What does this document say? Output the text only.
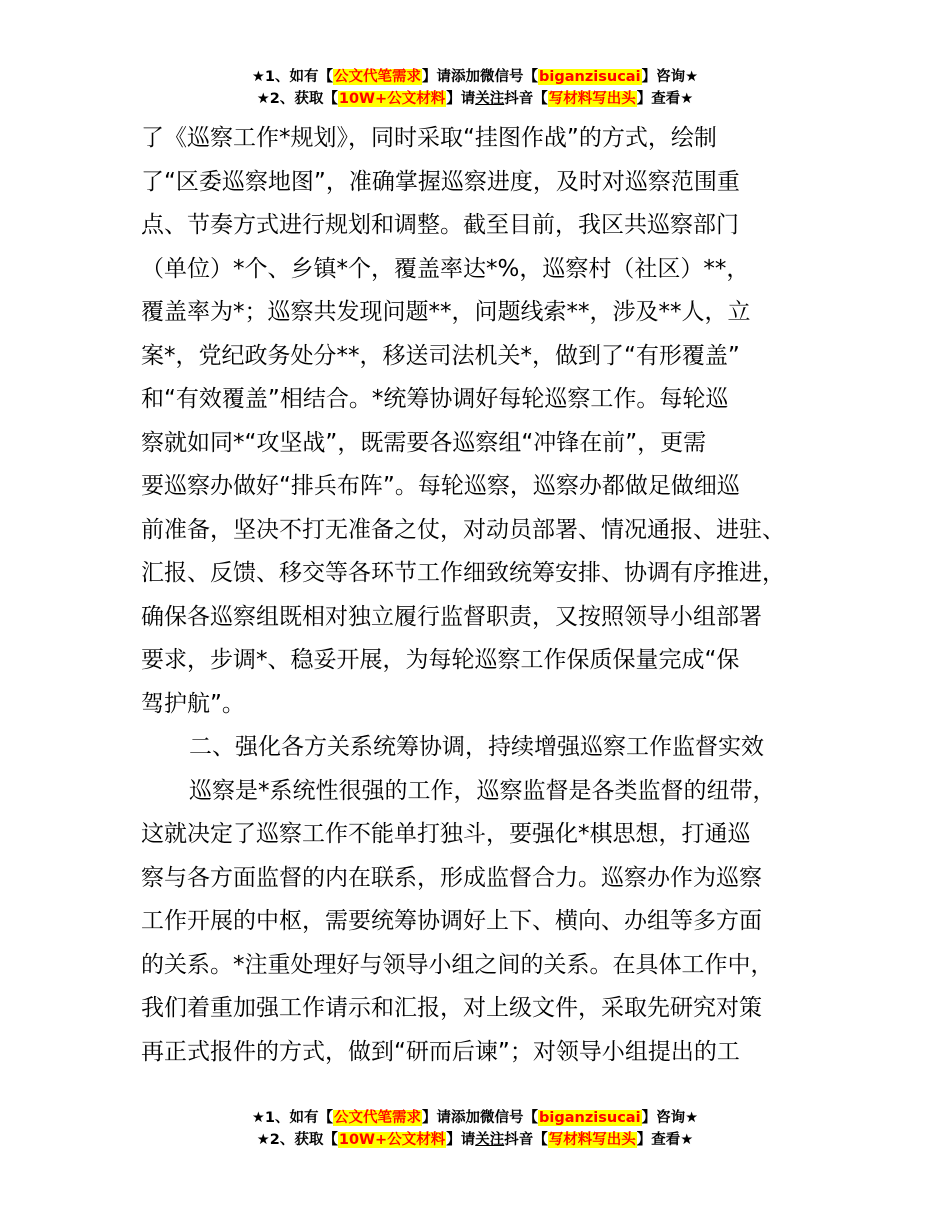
★1、如有【公文代笔需求】请添加微信号【biganzisucai】咨询★
★2、获取【10W+公文材料】请关注抖音【写材料写出头】查看★
了《巡察工作*规划》，同时采取“挂图作战”的方式，绘制
了“区委巡察地图”，准确掌握巡察进度，及时对巡察范围重
点、节奏方式进行规划和调整。截至目前，我区共巡察部门
（单位）*个、乡镇*个，覆盖率达*%，巡察村（社区）**，
覆盖率为*；巡察共发现问题**，问题线索**，涉及**人，立
案*，党纪政务处分**，移送司法机关*，做到了“有形覆盖”
和“有效覆盖”相结合。*统筹协调好每轮巡察工作。每轮巡
察就如同*“攻坚战”，既需要各巡察组“冲锋在前”，更需
要巡察办做好“排兵布阵”。每轮巡察，巡察办都做足做细巡
前准备，坚决不打无准备之仗，对动员部署、情况通报、进驻、
汇报、反馈、移交等各环节工作细致统筹安排、协调有序推进，
确保各巡察组既相对独立履行监督职责，又按照领导小组部署
要求，步调*、稳妥开展，为每轮巡察工作保质保量完成“保
驾护航”。
二、强化各方关系统筹协调，持续增强巡察工作监督实效
巡察是*系统性很强的工作，巡察监督是各类监督的纽带，
这就决定了巡察工作不能单打独斗，要强化*棋思想，打通巡
察与各方面监督的内在联系，形成监督合力。巡察办作为巡察
工作开展的中枢，需要统筹协调好上下、横向、办组等多方面
的关系。*注重处理好与领导小组之间的关系。在具体工作中，
我们着重加强工作请示和汇报，对上级文件，采取先研究对策
再正式报件的方式，做到“研而后谏”；对领导小组提出的工
★1、如有【公文代笔需求】请添加微信号【biganzisucai】咨询★
★2、获取【10W+公文材料】请关注抖音【写材料写出头】查看★
